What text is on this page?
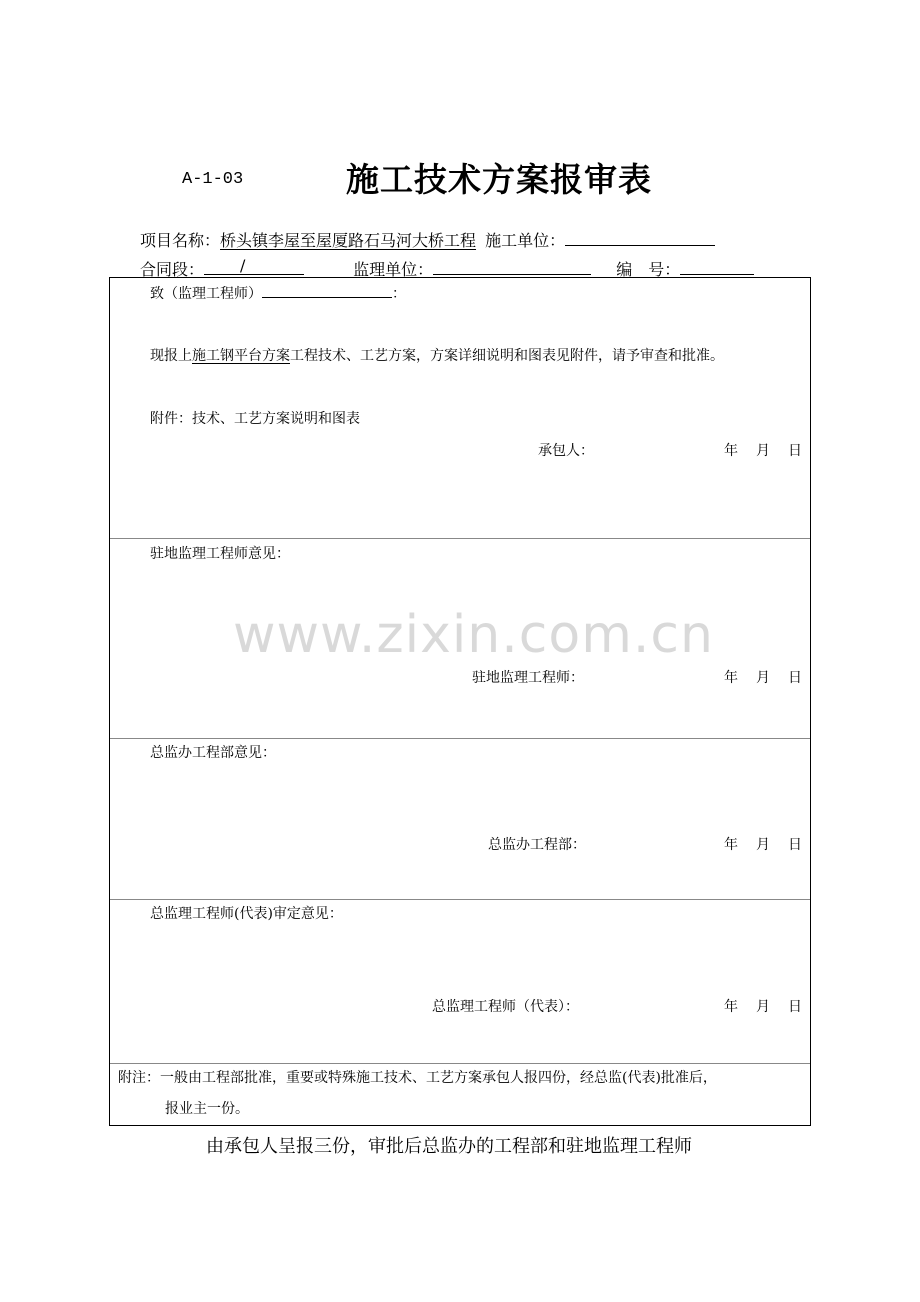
A-1-03	施工技术方案报审表
项目名称：桥头镇李屋至屋厦路石马河大桥工程 施工单位：
合同段： /	监理单位：	编　号：
致（监理工程师）	：
现报上施工钢平台方案工程技术、工艺方案，方案详细说明和图表见附件，请予审查和批准。
附件：技术、工艺方案说明和图表
承包人：	年 月 日
驻地监理工程师意见：
驻地监理工程师：	年 月 日
总监办工程部意见：
总监办工程部：	年 月 日
总监理工程师(代表)审定意见：
总监理工程师（代表）：	年 月 日
附注：一般由工程部批准，重要或特殊施工技术、工艺方案承包人报四份，经总监(代表)批准后，
报业主一份。
www.zixin.com.cn
由承包人呈报三份，审批后总监办的工程部和驻地监理工程师
